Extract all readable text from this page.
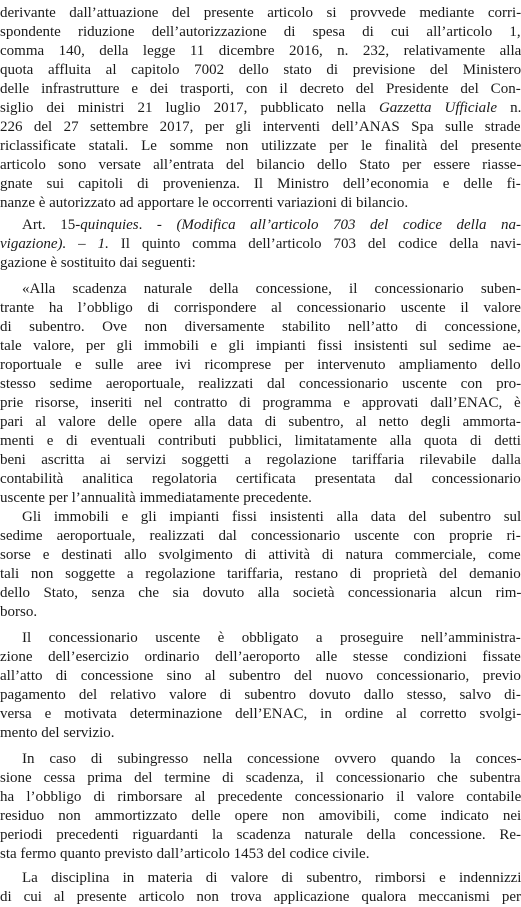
derivante dall’attuazione del presente articolo si provvede mediante corri-
spondente riduzione dell’autorizzazione di spesa di cui all’articolo 1,
comma 140, della legge 11 dicembre 2016, n. 232, relativamente alla
quota affluita al capitolo 7002 dello stato di previsione del Ministero
delle infrastrutture e dei trasporti, con il decreto del Presidente del Con-
siglio dei ministri 21 luglio 2017, pubblicato nella Gazzetta Ufficiale n.
226 del 27 settembre 2017, per gli interventi dell’ANAS Spa sulle strade
riclassificate statali. Le somme non utilizzate per le finalità del presente
articolo sono versate all’entrata del bilancio dello Stato per essere riasse-
gnate sui capitoli di provenienza. Il Ministro dell’economia e delle fi-
nanze è autorizzato ad apportare le occorrenti variazioni di bilancio.
Art. 15-quinquies. - (Modifica all’articolo 703 del codice della na-
vigazione). – 1. Il quinto comma dell’articolo 703 del codice della navi-
gazione è sostituito dai seguenti:
«Alla scadenza naturale della concessione, il concessionario suben-
trante ha l’obbligo di corrispondere al concessionario uscente il valore
di subentro. Ove non diversamente stabilito nell’atto di concessione,
tale valore, per gli immobili e gli impianti fissi insistenti sul sedime ae-
roportuale e sulle aree ivi ricomprese per intervenuto ampliamento dello
stesso sedime aeroportuale, realizzati dal concessionario uscente con pro-
prie risorse, inseriti nel contratto di programma e approvati dall’ENAC, è
pari al valore delle opere alla data di subentro, al netto degli ammorta-
menti e di eventuali contributi pubblici, limitatamente alla quota di detti
beni ascritta ai servizi soggetti a regolazione tariffaria rilevabile dalla
contabilità analitica regolatoria certificata presentata dal concessionario
uscente per l’annualità immediatamente precedente.
Gli immobili e gli impianti fissi insistenti alla data del subentro sul
sedime aeroportuale, realizzati dal concessionario uscente con proprie ri-
sorse e destinati allo svolgimento di attività di natura commerciale, come
tali non soggette a regolazione tariffaria, restano di proprietà del demanio
dello Stato, senza che sia dovuto alla società concessionaria alcun rim-
borso.
Il concessionario uscente è obbligato a proseguire nell’amministra-
zione dell’esercizio ordinario dell’aeroporto alle stesse condizioni fissate
all’atto di concessione sino al subentro del nuovo concessionario, previo
pagamento del relativo valore di subentro dovuto dallo stesso, salvo di-
versa e motivata determinazione dell’ENAC, in ordine al corretto svolgi-
mento del servizio.
In caso di subingresso nella concessione ovvero quando la conces-
sione cessa prima del termine di scadenza, il concessionario che subentra
ha l’obbligo di rimborsare al precedente concessionario il valore contabile
residuo non ammortizzato delle opere non amovibili, come indicato nei
periodi precedenti riguardanti la scadenza naturale della concessione. Re-
sta fermo quanto previsto dall’articolo 1453 del codice civile.
La disciplina in materia di valore di subentro, rimborsi e indennizzi
di cui al presente articolo non trova applicazione qualora meccanismi per
